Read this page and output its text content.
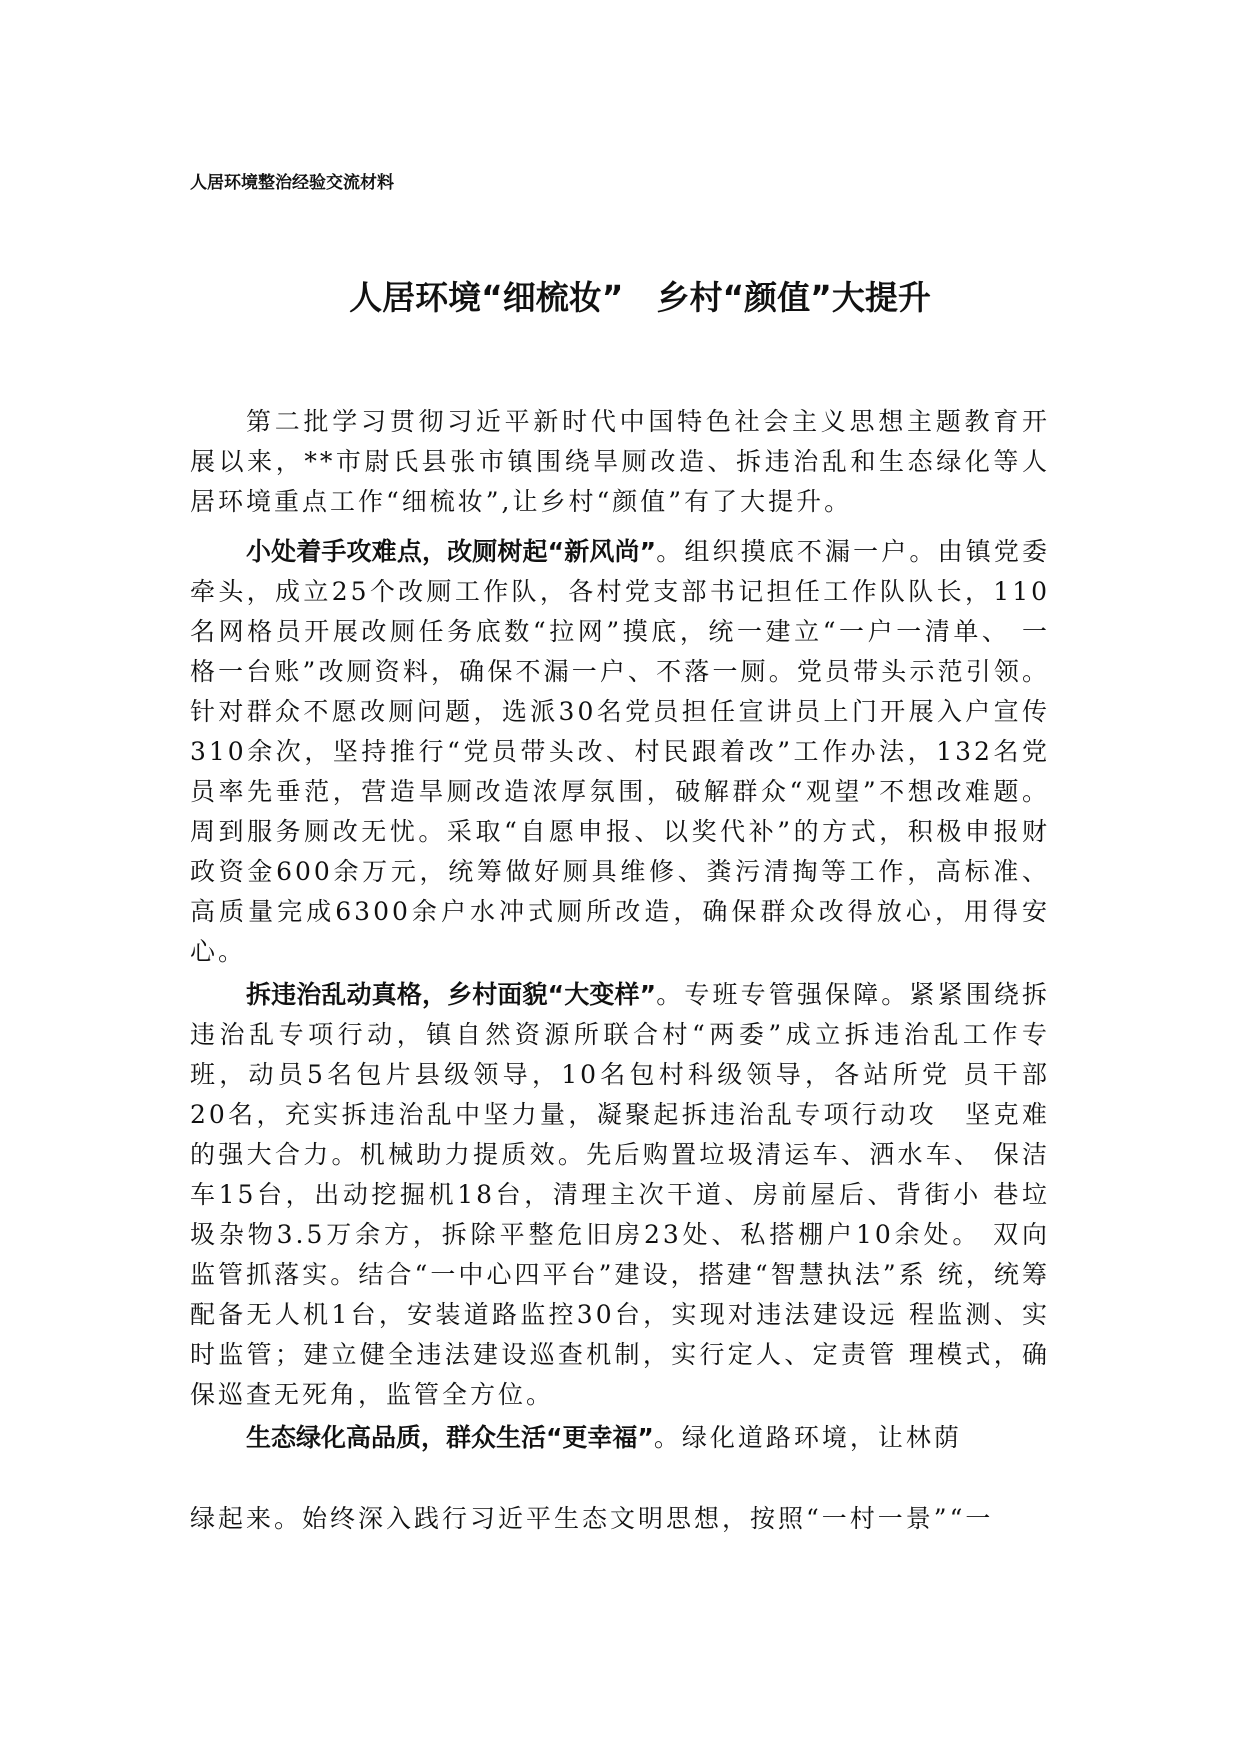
人居环境整治经验交流材料
人居环境“细梳妆”　乡村“颜值”大提升
第二批学习贯彻习近平新时代中国特色社会主义思想主题教育开展以来，**市尉氏县张市镇围绕旱厕改造、拆违治乱和生态绿化等人居环境重点工作“细梳妆”,让乡村“颜值”有了大提升。
小处着手攻难点，改厕树起“新风尚”。组织摸底不漏一户。由镇党委牵头，成立25个改厕工作队，各村党支部书记担任工作队队长，110名网格员开展改厕任务底数“拉网”摸底，统一建立“一户一清单、 一格一台账”改厕资料，确保不漏一户、不落一厕。党员带头示范引领。针对群众不愿改厕问题，选派30名党员担任宣讲员上门开展入户宣传310余次，坚持推行“党员带头改、村民跟着改”工作办法，132名党员率先垂范，营造旱厕改造浓厚氛围，破解群众“观望”不想改难题。周到服务厕改无忧。采取“自愿申报、以奖代补”的方式，积极申报财政资金600余万元，统筹做好厕具维修、粪污清掏等工作，高标准、高质量完成6300余户水冲式厕所改造，确保群众改得放心，用得安心。
拆违治乱动真格，乡村面貌“大变样”。专班专管强保障。紧紧围绕拆违治乱专项行动，镇自然资源所联合村“两委”成立拆违治乱工作专班，动员5名包片县级领导，10名包村科级领导，各站所党 员干部20名，充实拆违治乱中坚力量，凝聚起拆违治乱专项行动攻　坚克难的强大合力。机械助力提质效。先后购置垃圾清运车、洒水车、 保洁车15台，出动挖掘机18台，清理主次干道、房前屋后、背街小 巷垃圾杂物3.5万余方，拆除平整危旧房23处、私搭棚户10余处。 双向监管抓落实。结合“一中心四平台”建设，搭建“智慧执法”系 统，统筹配备无人机1台，安装道路监控30台，实现对违法建设远 程监测、实时监管；建立健全违法建设巡查机制，实行定人、定责管 理模式，确保巡查无死角，监管全方位。
生态绿化高品质，群众生活“更幸福”。绿化道路环境，让林荫
绿起来。始终深入践行习近平生态文明思想，按照“一村一景”“一
